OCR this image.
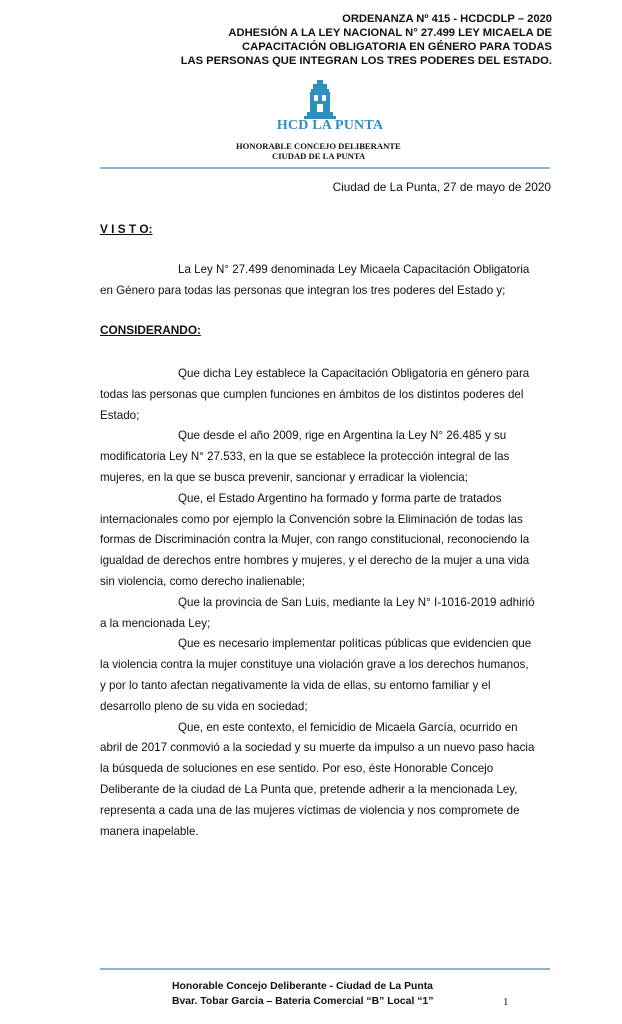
ORDENANZA Nº 415 - HCDCDLP – 2020
ADHESIÓN A LA LEY NACIONAL N° 27.499 LEY MICAELA DE
CAPACITACIÓN OBLIGATORIA EN GÉNERO PARA TODAS
LAS PERSONAS QUE INTEGRAN LOS TRES PODERES DEL ESTADO.
HCD LA PUNTA
HONORABLE CONCEJO DELIBERANTE
CIUDAD DE LA PUNTA
Ciudad de La Punta, 27 de mayo de 2020
V I S T O:
La Ley N° 27.499 denominada Ley Micaela Capacitación Obligatoria
en Género para todas las personas que integran los tres poderes del Estado y;
CONSIDERANDO:
Que dicha Ley establece la Capacitación Obligatoria en género para
todas las personas que cumplen funciones en ámbitos de los distintos poderes del
Estado;
Que desde el año 2009, rige en Argentina la Ley N° 26.485 y su
modificatoria Ley N° 27.533, en la que se establece la protección integral de las
mujeres, en la que se busca prevenir, sancionar y erradicar la violencia;
Que, el Estado Argentino ha formado y forma parte de tratados
internacionales como por ejemplo la Convención sobre la Eliminación de todas las
formas de Discriminación contra la Mujer, con rango constitucional, reconociendo la
igualdad de derechos entre hombres y mujeres, y el derecho de la mujer a una vida
sin violencia, como derecho inalienable;
Que la provincia de San Luis, mediante la Ley N° I-1016-2019 adhirió
a la mencionada Ley;
Que es necesario implementar políticas públicas que evidencien que
la violencia contra la mujer constituye una violación grave a los derechos humanos,
y por lo tanto afectan negativamente la vida de ellas, su entorno familiar y el
desarrollo pleno de su vida en sociedad;
Que, en este contexto, el femicidio de Micaela García, ocurrido en
abril de 2017 conmovió a la sociedad y su muerte da impulso a un nuevo paso hacia
la búsqueda de soluciones en ese sentido. Por eso, éste Honorable Concejo
Deliberante de la ciudad de La Punta que, pretende adherir a la mencionada Ley,
representa a cada una de las mujeres víctimas de violencia y nos compromete de
manera inapelable.
Honorable Concejo Deliberante - Ciudad de La Punta
Bvar. Tobar Garcia – Bateria Comercial “B” Local “1”	1
